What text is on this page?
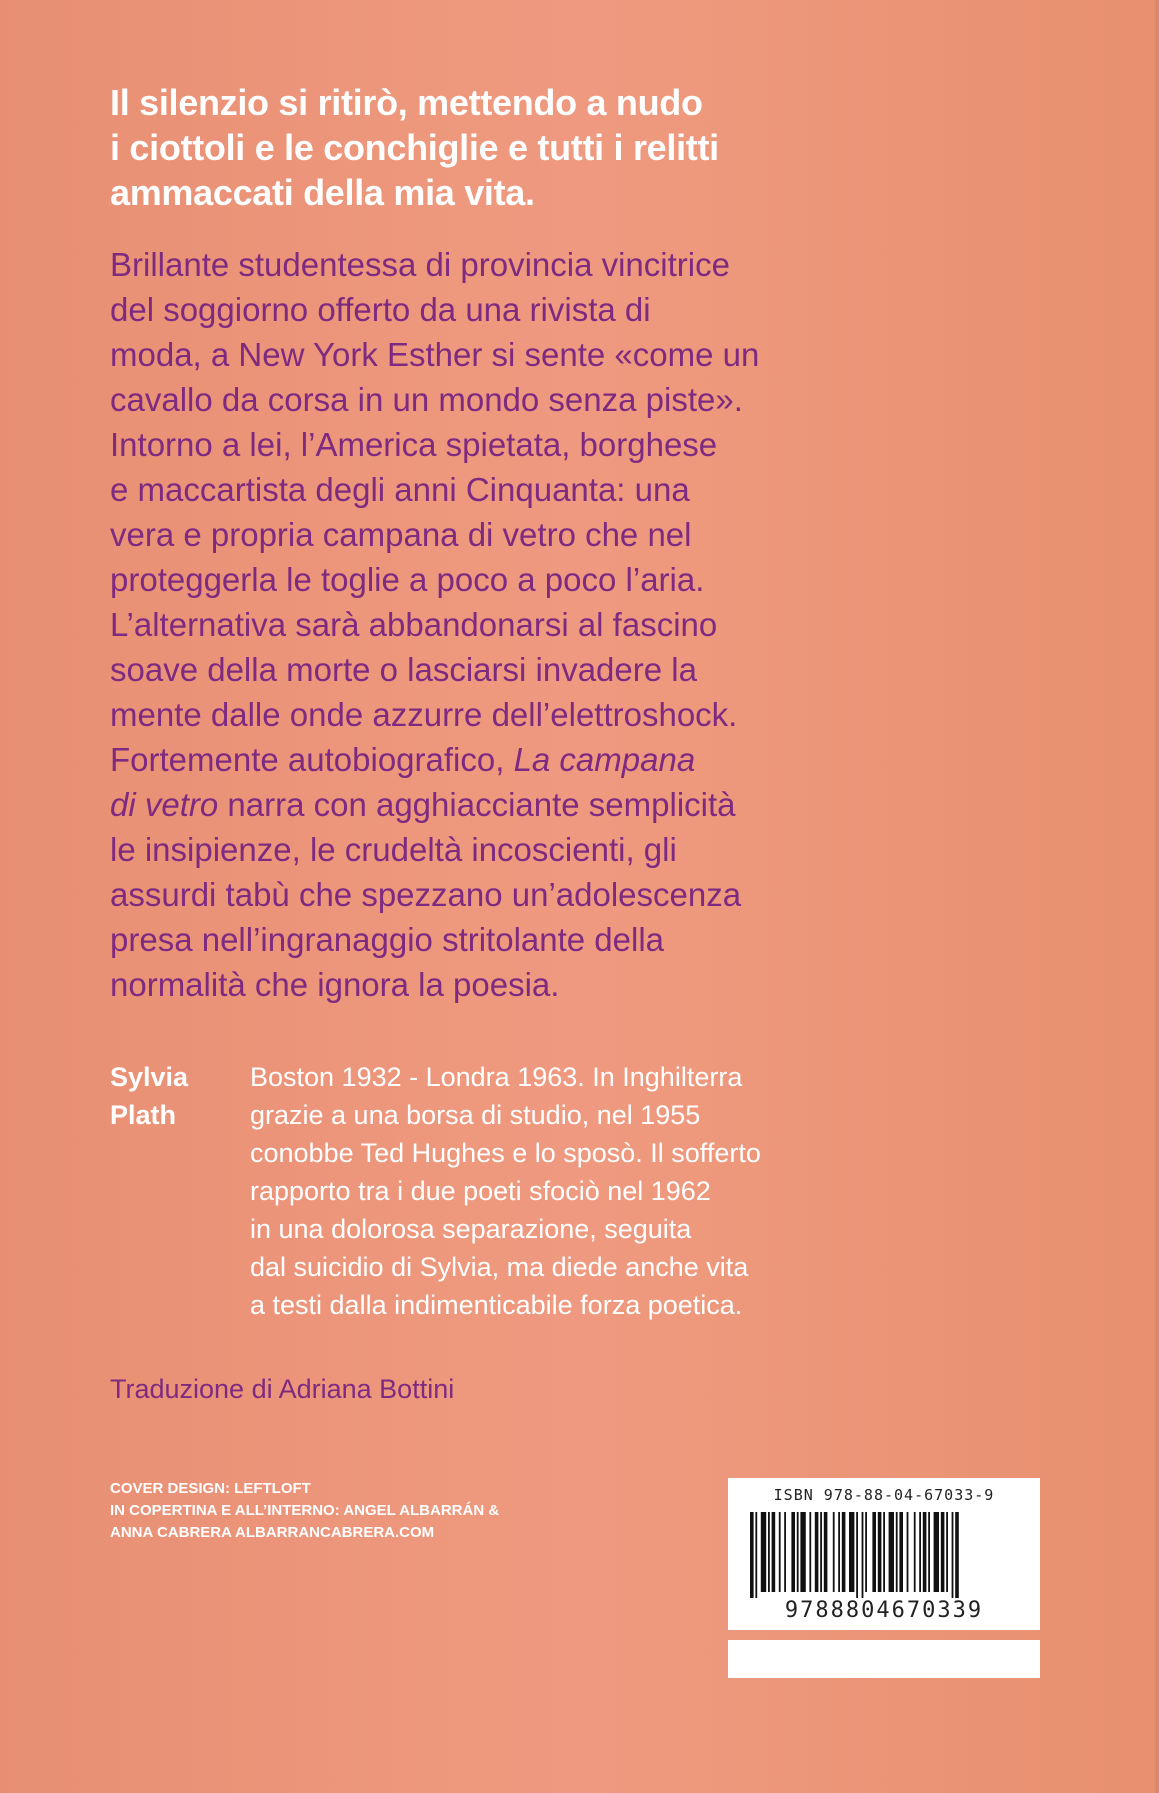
Il silenzio si ritirò, mettendo a nudo
i ciottoli e le conchiglie e tutti i relitti
ammaccati della mia vita.
Brillante studentessa di provincia vincitrice
del soggiorno offerto da una rivista di
moda, a New York Esther si sente «come un
cavallo da corsa in un mondo senza piste».
Intorno a lei, l’America spietata, borghese
e maccartista degli anni Cinquanta: una
vera e propria campana di vetro che nel
proteggerla le toglie a poco a poco l’aria.
L’alternativa sarà abbandonarsi al fascino
soave della morte o lasciarsi invadere la
mente dalle onde azzurre dell’elettroshock.
Fortemente autobiografico, La campana
di vetro narra con agghiacciante semplicità
le insipienze, le crudeltà incoscienti, gli
assurdi tabù che spezzano un’adolescenza
presa nell’ingranaggio stritolante della
normalità che ignora la poesia.
Sylvia
Plath
Boston 1932 - Londra 1963. In Inghilterra
grazie a una borsa di studio, nel 1955
conobbe Ted Hughes e lo sposò. Il sofferto
rapporto tra i due poeti sfociò nel 1962
in una dolorosa separazione, seguita
dal suicidio di Sylvia, ma diede anche vita
a testi dalla indimenticabile forza poetica.
Traduzione di Adriana Bottini
COVER DESIGN: LEFTLOFT
IN COPERTINA E ALL’INTERNO: ANGEL ALBARRÁN &
ANNA CABRERA ALBARRANCABRERA.COM
ISBN 978-88-04-67033-9
9788804670339
